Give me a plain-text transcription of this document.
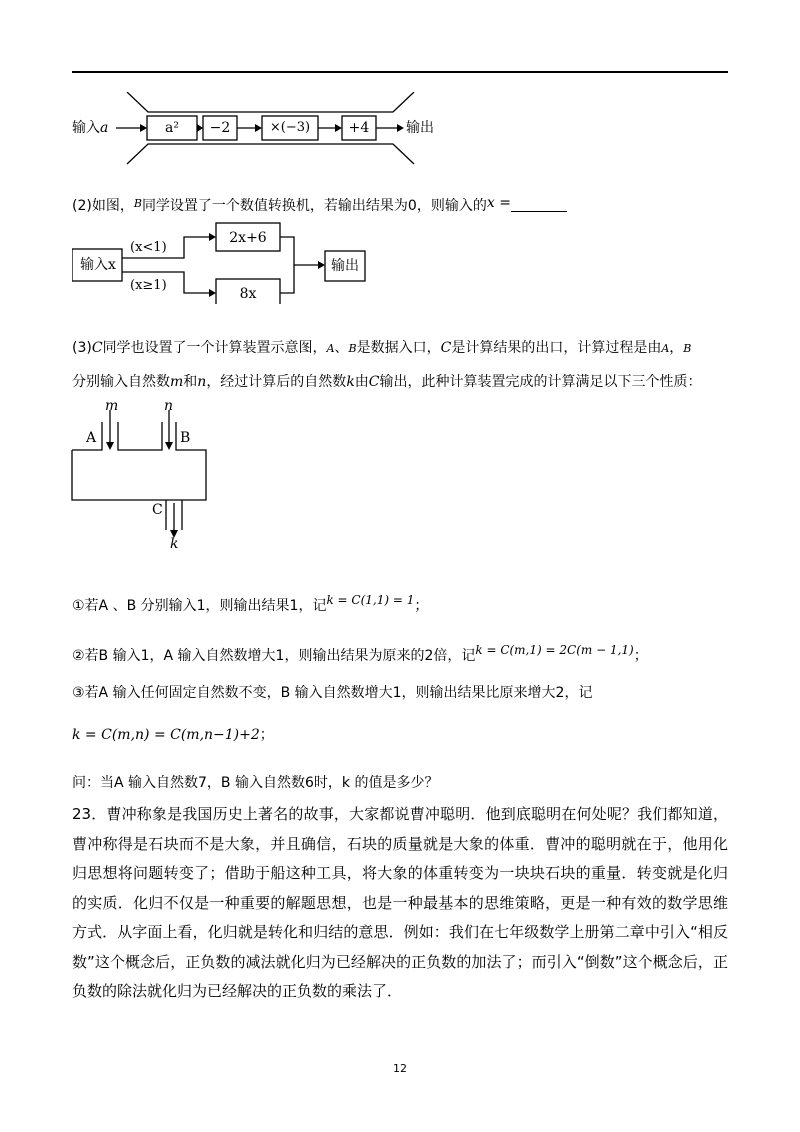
输入a	a²	−2	×(−3)	+4	输出
(2)如图，$^B$同学设置了一个数值转换机，若输出结果为0，则输入的x =
输入x
(x<1)
(x≥1)
2x+6
8x
输出
(3)C同学也设置了一个计算装置示意图，A、B是数据入口，C是计算结果的出口，计算过程是由A，B
分别输入自然数m和n，经过计算后的自然数k由C输出，此种计算装置完成的计算满足以下三个性质：
m	n
A	B
C
k
①若A 、B 分别输入1，则输出结果1，记k = C(1,1) = 1；
②若B 输入1，A 输入自然数增大1，则输出结果为原来的2倍，记k = C(m,1) = 2C(m − 1,1)；
③若A 输入任何固定自然数不变，B 输入自然数增大1，则输出结果比原来增大2，记
k = C(m,n) = C(m,n−1)+2；
问：当A 输入自然数7，B 输入自然数6时，k 的值是多少？
23．曹冲称象是我国历史上著名的故事，大家都说曹冲聪明．他到底聪明在何处呢？我们都知道，曹冲称得是石块而不是大象，并且确信，石块的质量就是大象的体重．曹冲的聪明就在于，他用化归思想将问题转变了；借助于船这种工具，将大象的体重转变为一块块石块的重量．转变就是化归的实质．化归不仅是一种重要的解题思想，也是一种最基本的思维策略，更是一种有效的数学思维方式．从字面上看，化归就是转化和归结的意思．例如：我们在七年级数学上册第二章中引入“相反数”这个概念后，正负数的减法就化归为已经解决的正负数的加法了；而引入“倒数”这个概念后，正负数的除法就化归为已经解决的正负数的乘法了．
12
